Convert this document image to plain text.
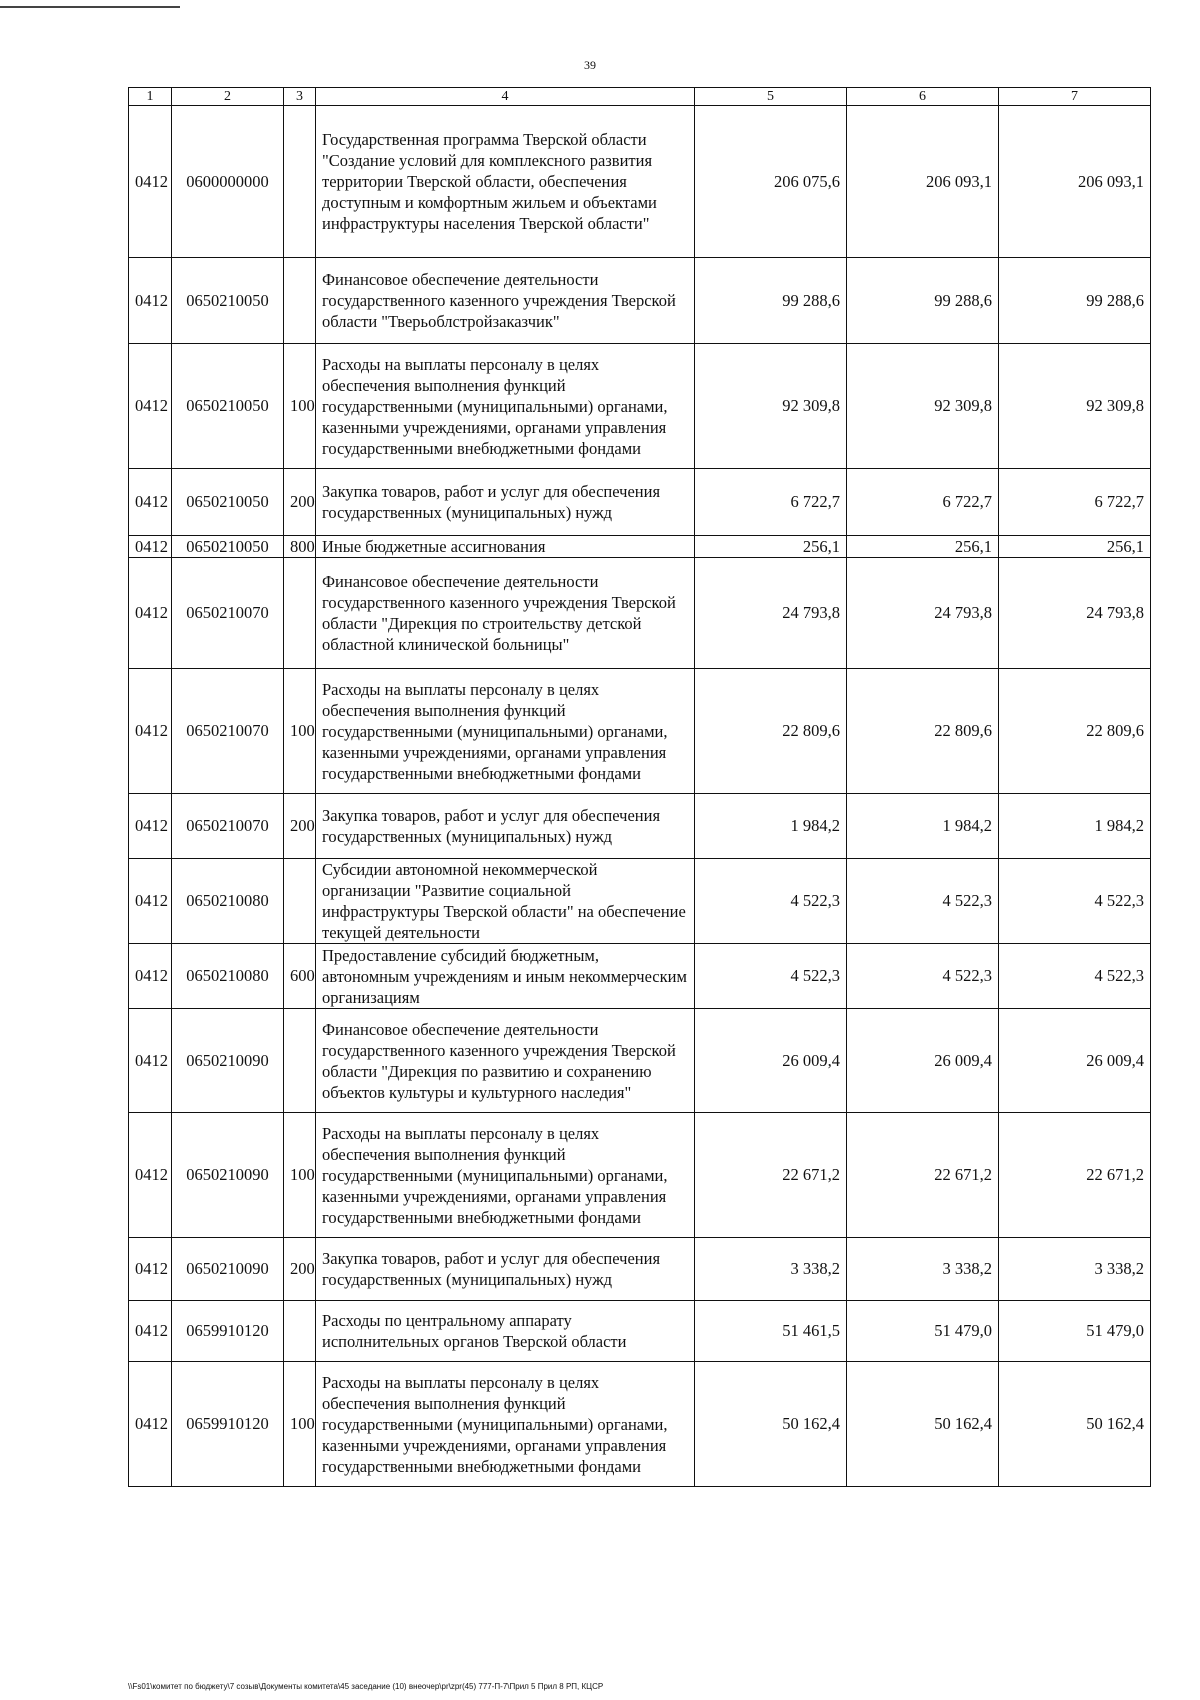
39
1	2	3	4	5	6	7
0412	0600000000		Государственная программа Тверской области "Создание условий для комплексного развития территории Тверской области, обеспечения доступным и комфортным жильем и объектами инфраструктуры населения Тверской области"	206 075,6	206 093,1	206 093,1
0412	0650210050		Финансовое обеспечение деятельности государственного казенного учреждения Тверской области "Тверьоблстройзаказчик"	99 288,6	99 288,6	99 288,6
0412	0650210050	100	Расходы на выплаты персоналу в целях обеспечения выполнения функций государственными (муниципальными) органами, казенными учреждениями, органами управления государственными внебюджетными фондами	92 309,8	92 309,8	92 309,8
0412	0650210050	200	Закупка товаров, работ и услуг для обеспечения государственных (муниципальных) нужд	6 722,7	6 722,7	6 722,7
0412	0650210050	800	Иные бюджетные ассигнования	256,1	256,1	256,1
0412	0650210070		Финансовое обеспечение деятельности государственного казенного учреждения Тверской области "Дирекция по строительству детской областной клинической больницы"	24 793,8	24 793,8	24 793,8
0412	0650210070	100	Расходы на выплаты персоналу в целях обеспечения выполнения функций государственными (муниципальными) органами, казенными учреждениями, органами управления государственными внебюджетными фондами	22 809,6	22 809,6	22 809,6
0412	0650210070	200	Закупка товаров, работ и услуг для обеспечения государственных (муниципальных) нужд	1 984,2	1 984,2	1 984,2
0412	0650210080		Субсидии автономной некоммерческой организации "Развитие социальной инфраструктуры Тверской области" на обеспечение текущей деятельности	4 522,3	4 522,3	4 522,3
0412	0650210080	600	Предоставление субсидий бюджетным, автономным учреждениям и иным некоммерческим организациям	4 522,3	4 522,3	4 522,3
0412	0650210090		Финансовое обеспечение деятельности государственного казенного учреждения Тверской области "Дирекция по развитию и сохранению объектов культуры и культурного наследия"	26 009,4	26 009,4	26 009,4
0412	0650210090	100	Расходы на выплаты персоналу в целях обеспечения выполнения функций государственными (муниципальными) органами, казенными учреждениями, органами управления государственными внебюджетными фондами	22 671,2	22 671,2	22 671,2
0412	0650210090	200	Закупка товаров, работ и услуг для обеспечения государственных (муниципальных) нужд	3 338,2	3 338,2	3 338,2
0412	0659910120		Расходы по центральному аппарату исполнительных органов Тверской области	51 461,5	51 479,0	51 479,0
0412	0659910120	100	Расходы на выплаты персоналу в целях обеспечения выполнения функций государственными (муниципальными) органами, казенными учреждениями, органами управления государственными внебюджетными фондами	50 162,4	50 162,4	50 162,4
\\Fs01\комитет по бюджету\7 созыв\Документы комитета\45 заседание (10) внеочер\pr\zpr(45) 777-П-7\Прил 5 Прил 8 РП, КЦСР
